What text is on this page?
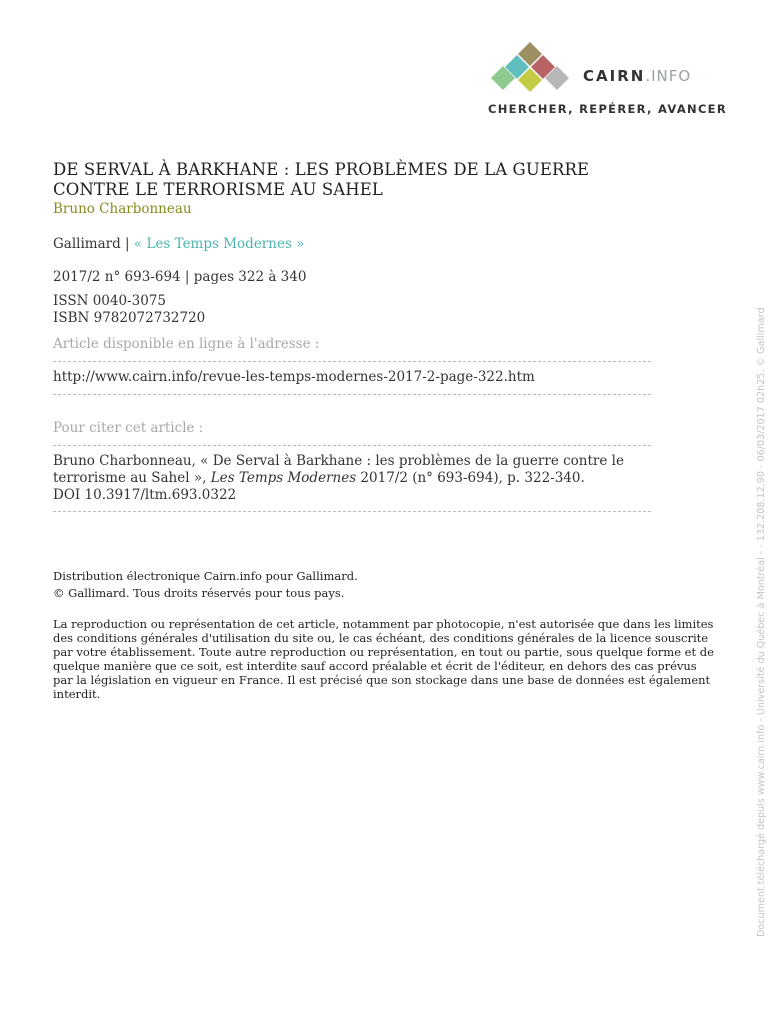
CAIRN.INFO
CHERCHER, REPÉRER, AVANCER
DE SERVAL À BARKHANE : LES PROBLÈMES DE LA GUERRE
CONTRE LE TERRORISME AU SAHEL
Bruno Charbonneau
Gallimard | « Les Temps Modernes »
2017/2 n° 693-694 | pages 322 à 340
ISSN 0040-3075
ISBN 9782072732720
Article disponible en ligne à l'adresse :
http://www.cairn.info/revue-les-temps-modernes-2017-2-page-322.htm
Pour citer cet article :
Bruno Charbonneau, « De Serval à Barkhane : les problèmes de la guerre contre le
terrorisme au Sahel », Les Temps Modernes 2017/2 (n° 693-694), p. 322-340.
DOI 10.3917/ltm.693.0322
Distribution électronique Cairn.info pour Gallimard.
© Gallimard. Tous droits réservés pour tous pays.
La reproduction ou représentation de cet article, notamment par photocopie, n'est autorisée que dans les limites des conditions générales d'utilisation du site ou, le cas échéant, des conditions générales de la licence souscrite par votre établissement. Toute autre reproduction ou représentation, en tout ou partie, sous quelque forme et de quelque manière que ce soit, est interdite sauf accord préalable et écrit de l'éditeur, en dehors des cas prévus par la législation en vigueur en France. Il est précisé que son stockage dans une base de données est également interdit.	Document téléchargé depuis www.cairn.info - Université du Québec à Montréal - - 132.208.12.90 - 06/03/2017 02h25. © Gallimard
